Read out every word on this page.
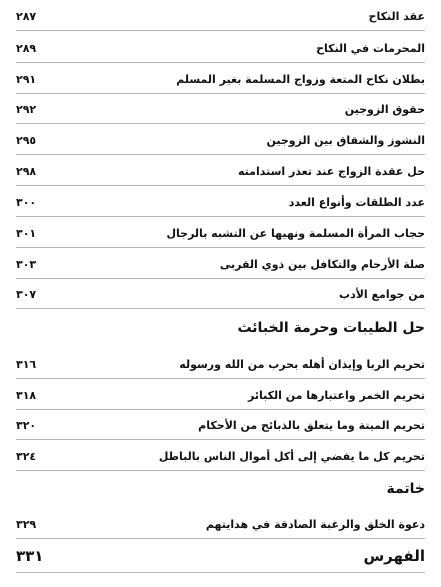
عقد النكاح
٢٨٧
المحرمات في النكاح
٢٨٩
بطلان نكاح المتعة وزواج المسلمة بغير المسلم
٢٩١
حقوق الزوجين
٢٩٢
النشوز والشقاق بين الزوجين
٢٩٥
حل عقدة الزواج عند تعذر استدامته
٢٩٨
عدد الطلقات وأنواع العدد
٣٠٠
حجاب المرأة المسلمة ونهيها عن التشبه بالرجال
٣٠١
صلة الأرحام والتكافل بين ذوي القربى
٣٠٣
من جوامع الأدب
٣٠٧
حل الطيبات وحرمة الخبائث
تحريم الربا وإيذان أهله بحرب من الله ورسوله
٣١٦
تحريم الخمر واعتبارها من الكبائر
٣١٨
تحريم الميتة وما يتعلق بالذبائح من الأحكام
٣٢٠
تحريم كل ما يفضي إلى أكل أموال الناس بالباطل
٣٢٤
خاتمة
دعوة الخلق والرغبة الصادقة في هدايتهم
٣٢٩
الفهرس
٣٣١
